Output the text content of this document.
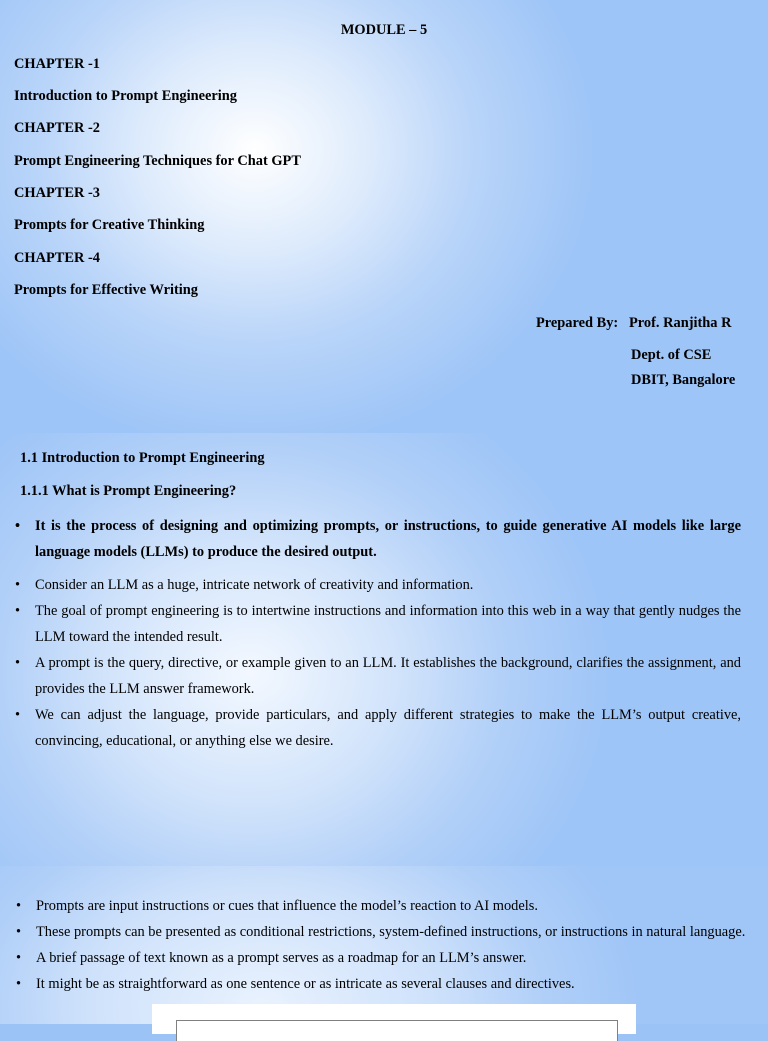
MODULE – 5
CHAPTER -1
Introduction to Prompt Engineering
CHAPTER -2
Prompt Engineering Techniques for Chat GPT
CHAPTER -3
Prompts for Creative Thinking
CHAPTER -4
Prompts for Effective Writing
Prepared By: Prof. Ranjitha R
Dept. of CSE
DBIT, Bangalore
1.1 Introduction to Prompt Engineering
1.1.1 What is Prompt Engineering?
• It is the process of designing and optimizing prompts, or instructions, to guide generative AI models like large language models (LLMs) to produce the desired output.
• Consider an LLM as a huge, intricate network of creativity and information.
• The goal of prompt engineering is to intertwine instructions and information into this web in a way that gently nudges the LLM toward the intended result.
• A prompt is the query, directive, or example given to an LLM. It establishes the background, clarifies the assignment, and provides the LLM answer framework.
• We can adjust the language, provide particulars, and apply different strategies to make the LLM’s output creative, convincing, educational, or anything else we desire.
• Prompts are input instructions or cues that influence the model’s reaction to AI models.
• These prompts can be presented as conditional restrictions, system-defined instructions, or instructions in natural language.
• A brief passage of text known as a prompt serves as a roadmap for an LLM’s answer.
• It might be as straightforward as one sentence or as intricate as several clauses and directives.
